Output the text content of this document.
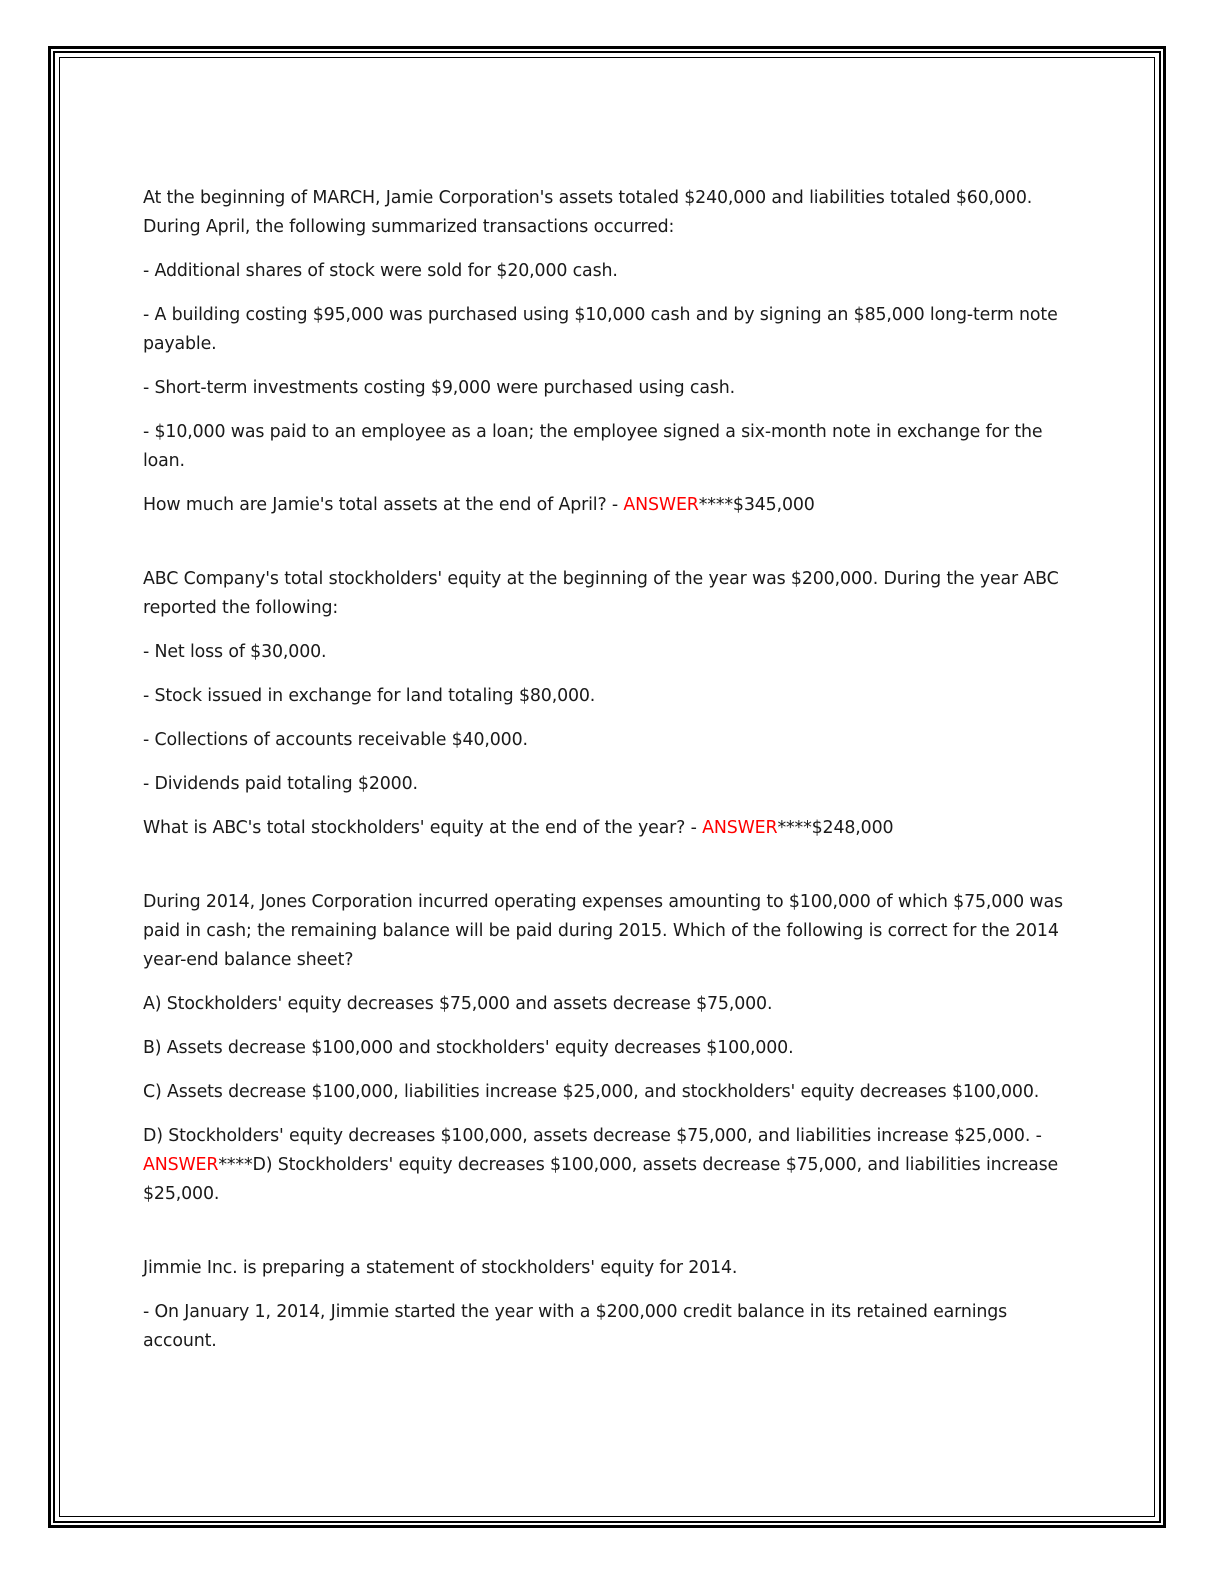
At the beginning of MARCH, Jamie Corporation's assets totaled $240,000 and liabilities totaled $60,000. During April, the following summarized transactions occurred:

- Additional shares of stock were sold for $20,000 cash.

- A building costing $95,000 was purchased using $10,000 cash and by signing an $85,000 long-term note payable.

- Short-term investments costing $9,000 were purchased using cash.

- $10,000 was paid to an employee as a loan; the employee signed a six-month note in exchange for the loan.

How much are Jamie's total assets at the end of April? - ANSWER****$345,000

ABC Company's total stockholders' equity at the beginning of the year was $200,000. During the year ABC reported the following:

- Net loss of $30,000.

- Stock issued in exchange for land totaling $80,000.

- Collections of accounts receivable $40,000.

- Dividends paid totaling $2000.

What is ABC's total stockholders' equity at the end of the year? - ANSWER****$248,000

During 2014, Jones Corporation incurred operating expenses amounting to $100,000 of which $75,000 was paid in cash; the remaining balance will be paid during 2015. Which of the following is correct for the 2014 year-end balance sheet?

A) Stockholders' equity decreases $75,000 and assets decrease $75,000.

B) Assets decrease $100,000 and stockholders' equity decreases $100,000.

C) Assets decrease $100,000, liabilities increase $25,000, and stockholders' equity decreases $100,000.

D) Stockholders' equity decreases $100,000, assets decrease $75,000, and liabilities increase $25,000. - ANSWER****D) Stockholders' equity decreases $100,000, assets decrease $75,000, and liabilities increase $25,000.

Jimmie Inc. is preparing a statement of stockholders' equity for 2014.

- On January 1, 2014, Jimmie started the year with a $200,000 credit balance in its retained earnings account.
